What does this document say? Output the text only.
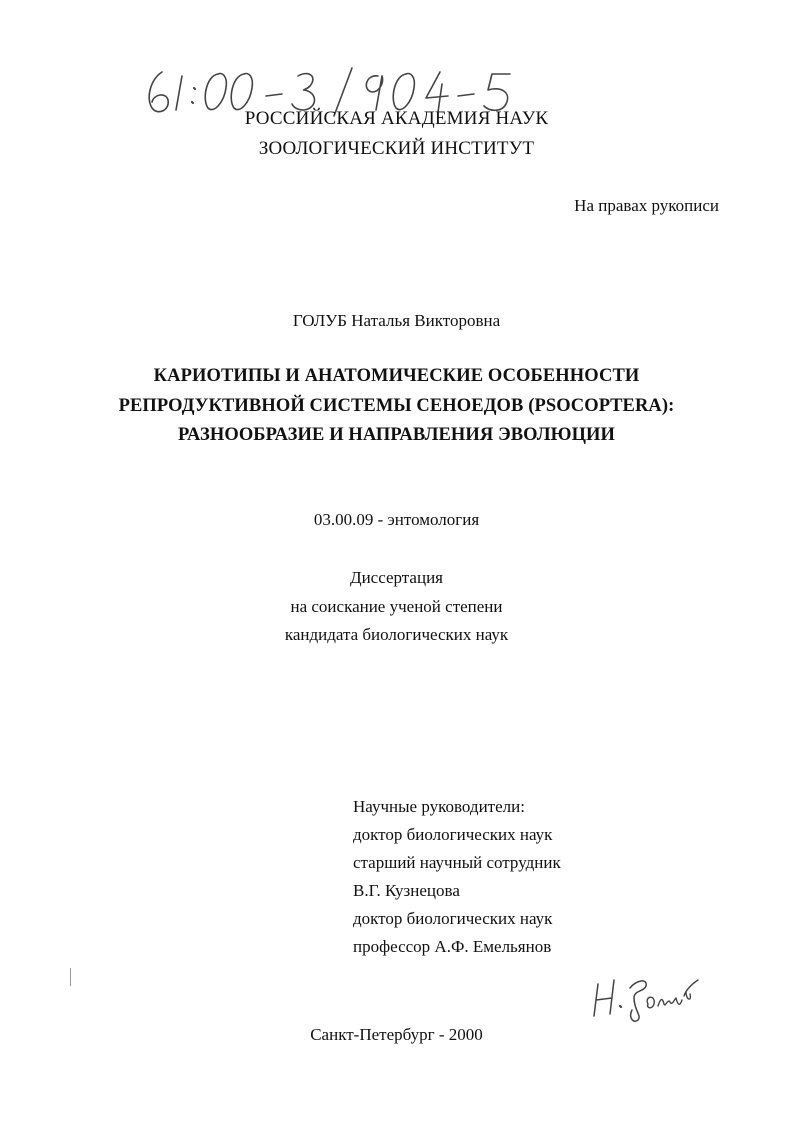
РОССИЙСКАЯ АКАДЕМИЯ НАУК
ЗООЛОГИЧЕСКИЙ ИНСТИТУТ
На правах рукописи
ГОЛУБ Наталья Викторовна
КАРИОТИПЫ И АНАТОМИЧЕСКИЕ ОСОБЕННОСТИ
РЕПРОДУКТИВНОЙ СИСТЕМЫ СЕНОЕДОВ (PSOCOPTERA):
РАЗНООБРАЗИЕ И НАПРАВЛЕНИЯ ЭВОЛЮЦИИ
03.00.09 - энтомология
Диссертация
на соискание ученой степени
кандидата биологических наук
Научные руководители:
доктор биологических наук
старший научный сотрудник
В.Г. Кузнецова
доктор биологических наук
профессор А.Ф. Емельянов
Санкт-Петербург - 2000
